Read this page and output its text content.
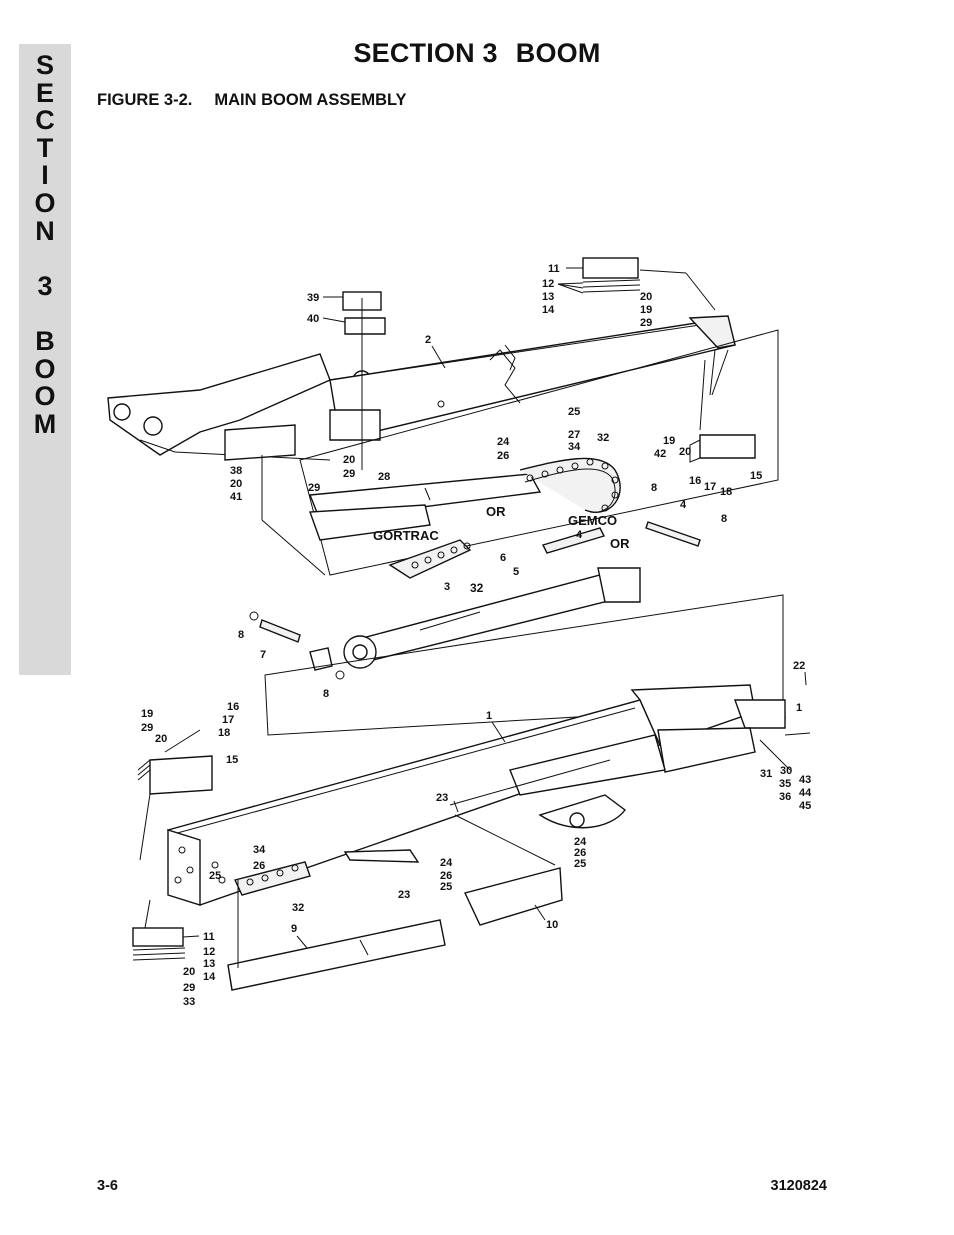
S
E
C
T
I
O
N
3
B
O
O
M
SECTION 3 BOOM
FIGURE 3-2. MAIN BOOM ASSEMBLY
OR
GORTRAC
GEMCO
OR
11
12
13
14
20
19
29
39
40
2
25
27
34
24
26
32	19
42 20
15
16 17 18
20
29 28
38
20
41
29	8
4
8
4
6
5
3 32
8
7
8
22
1
1
16
17
18
19
29
20
15
31 30
35
36
43
44
45
23
24
26
25
34
26
25
24
26
25
23
32
10
9
11
12
13
14
20
29
33
3-6	3120824
